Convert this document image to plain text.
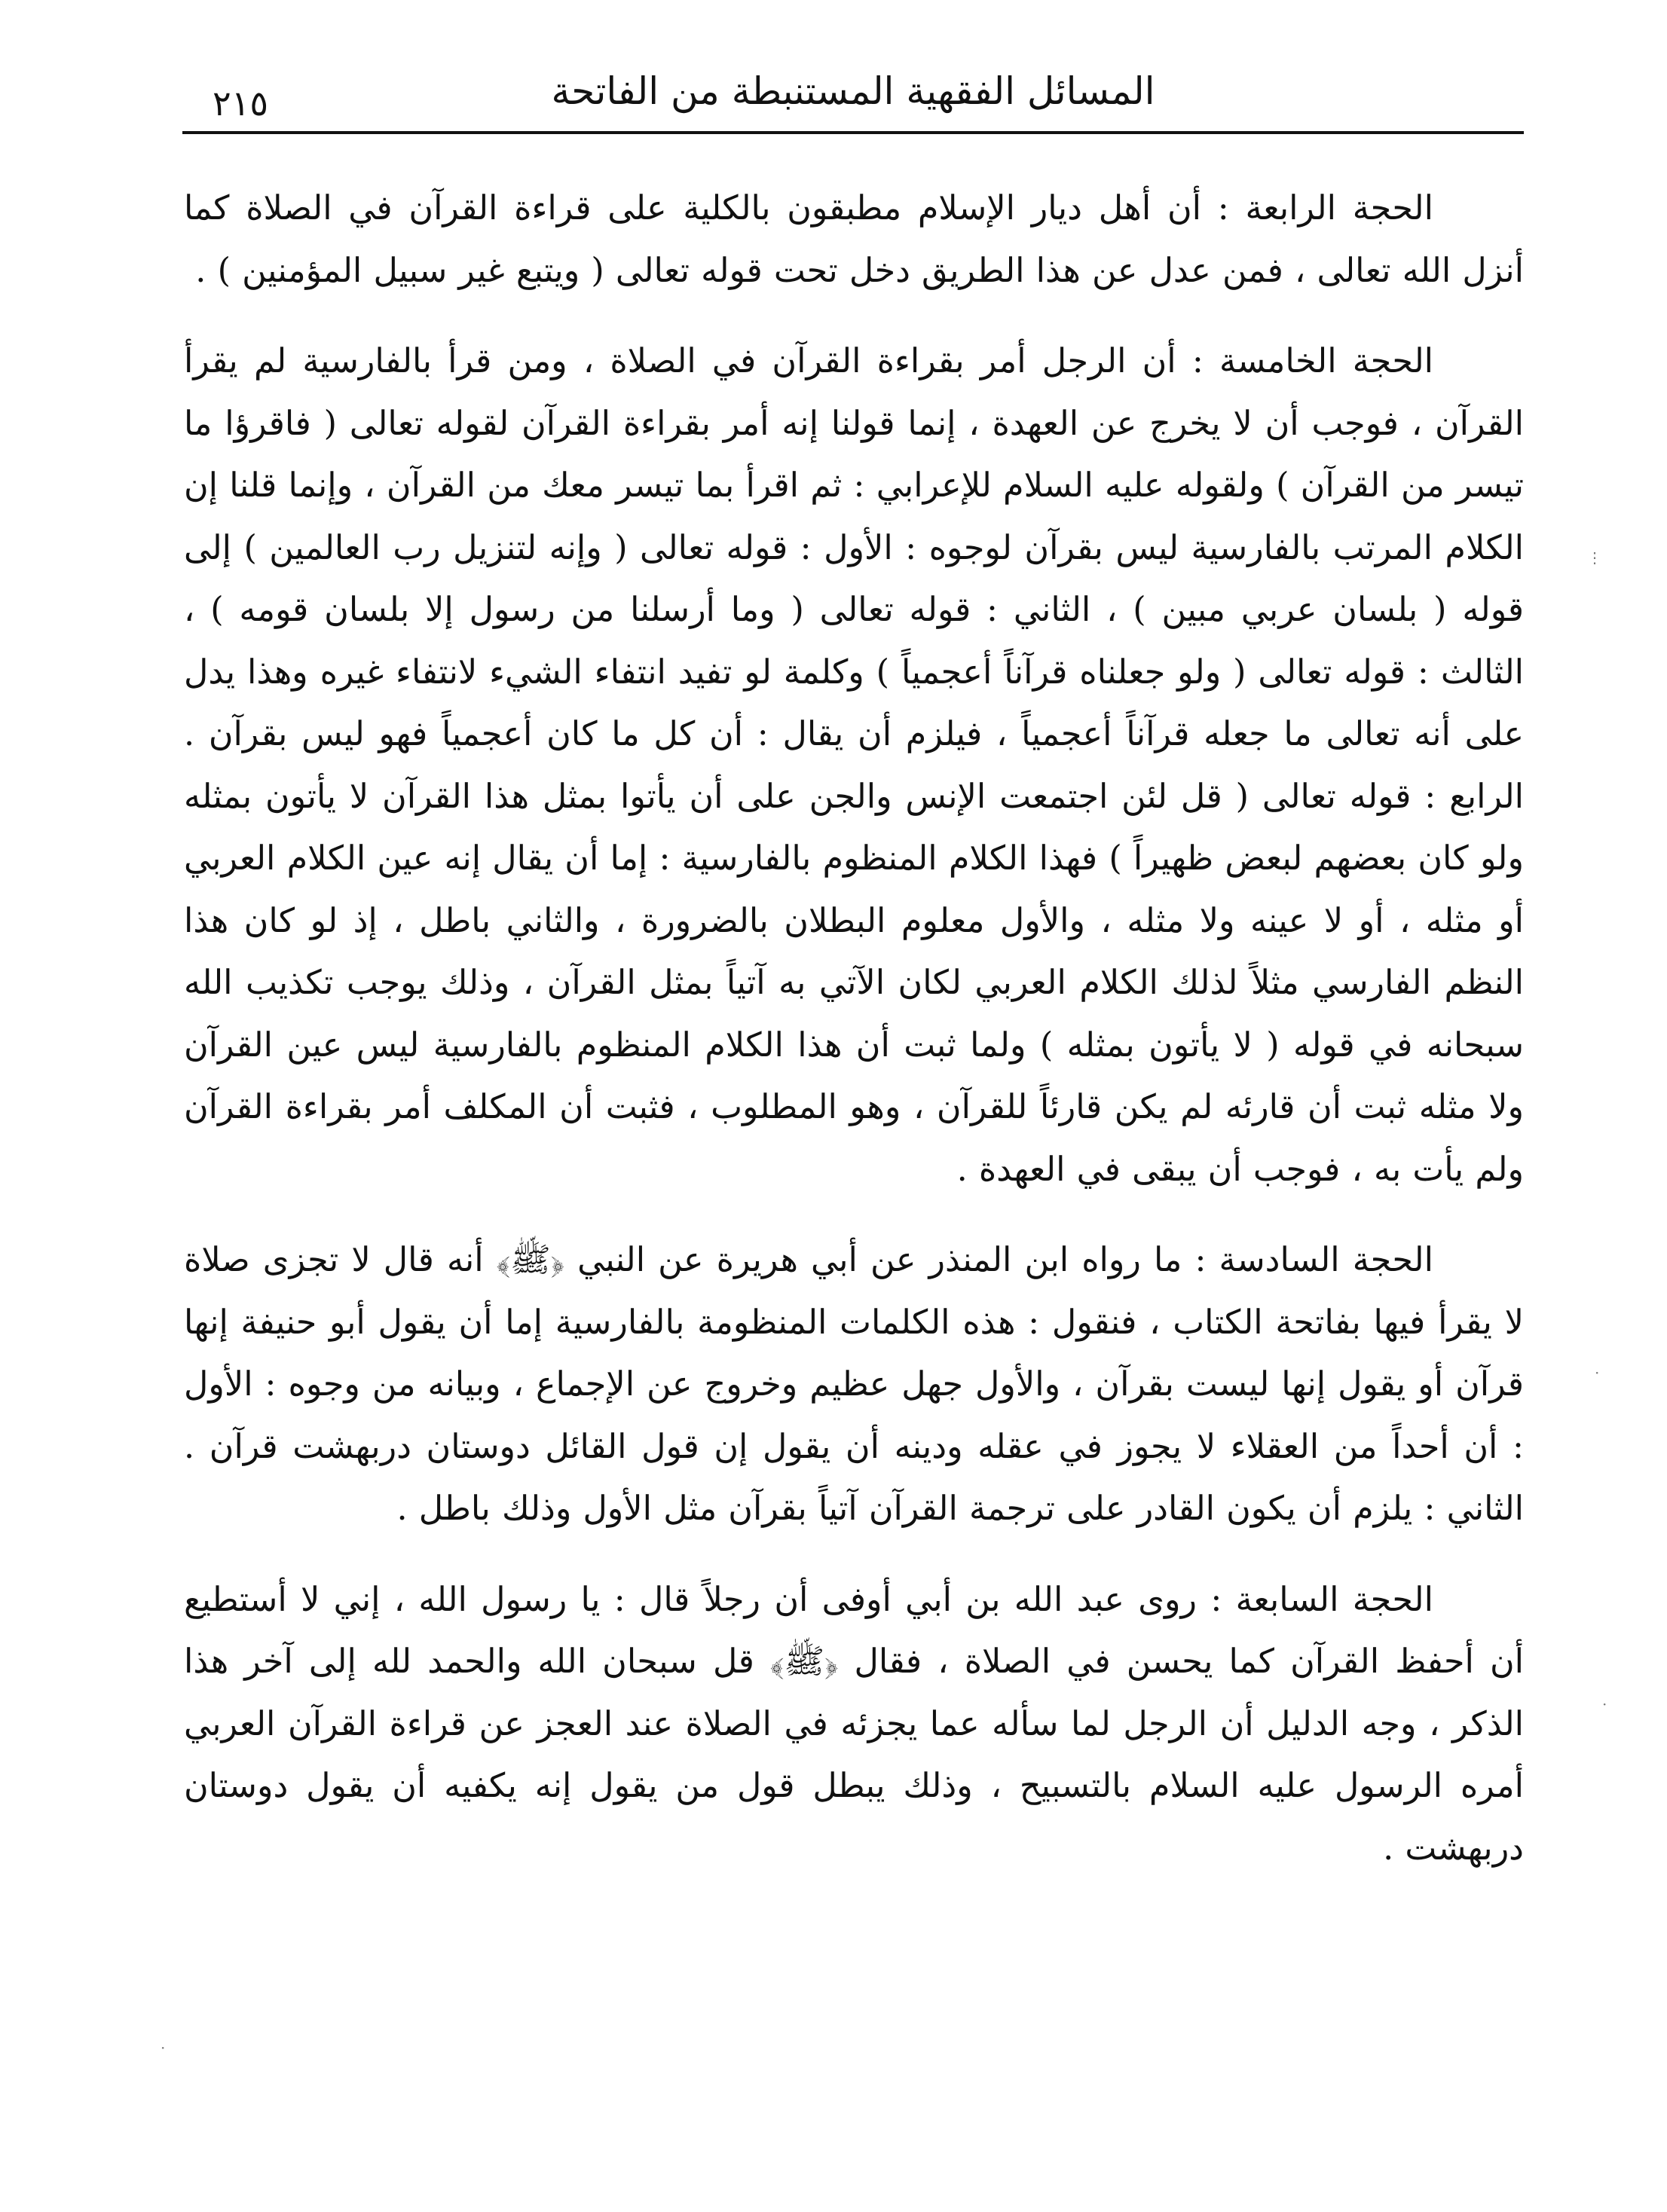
المسائل الفقهية المستنبطة من الفاتحة
٢١٥

الحجة الرابعة : أن أهل ديار الإسلام مطبقون بالكلية على قراءة القرآن في الصلاة كما أنزل الله تعالى ، فمن عدل عن هذا الطريق دخل تحت قوله تعالى ( ويتبع غير سبيل المؤمنين ) .

الحجة الخامسة : أن الرجل أمر بقراءة القرآن في الصلاة ، ومن قرأ بالفارسية لم يقرأ القرآن ، فوجب أن لا يخرج عن العهدة ، إنما قولنا إنه أمر بقراءة القرآن لقوله تعالى ( فاقرؤا ما تيسر من القرآن ) ولقوله عليه السلام للإعرابي : ثم اقرأ بما تيسر معك من القرآن ، وإنما قلنا إن الكلام المرتب بالفارسية ليس بقرآن لوجوه : الأول : قوله تعالى ( وإنه لتنزيل رب العالمين ) إلى قوله ( بلسان عربي مبين ) ، الثاني : قوله تعالى ( وما أرسلنا من رسول إلا بلسان قومه ) ، الثالث : قوله تعالى ( ولو جعلناه قرآناً أعجمياً ) وكلمة لو تفيد انتفاء الشيء لانتفاء غيره وهذا يدل على أنه تعالى ما جعله قرآناً أعجمياً ، فيلزم أن يقال : أن كل ما كان أعجمياً فهو ليس بقرآن . الرابع : قوله تعالى ( قل لئن اجتمعت الإنس والجن على أن يأتوا بمثل هذا القرآن لا يأتون بمثله ولو كان بعضهم لبعض ظهيراً ) فهذا الكلام المنظوم بالفارسية : إما أن يقال إنه عين الكلام العربي أو مثله ، أو لا عينه ولا مثله ، والأول معلوم البطلان بالضرورة ، والثاني باطل ، إذ لو كان هذا النظم الفارسي مثلاً لذلك الكلام العربي لكان الآتي به آتياً بمثل القرآن ، وذلك يوجب تكذيب الله سبحانه في قوله ( لا يأتون بمثله ) ولما ثبت أن هذا الكلام المنظوم بالفارسية ليس عين القرآن ولا مثله ثبت أن قارئه لم يكن قارئاً للقرآن ، وهو المطلوب ، فثبت أن المكلف أمر بقراءة القرآن ولم يأت به ، فوجب أن يبقى في العهدة .

الحجة السادسة : ما رواه ابن المنذر عن أبي هريرة عن النبي ﴿ﷺ﴾ أنه قال لا تجزى صلاة لا يقرأ فيها بفاتحة الكتاب ، فنقول : هذه الكلمات المنظومة بالفارسية إما أن يقول أبو حنيفة إنها قرآن أو يقول إنها ليست بقرآن ، والأول جهل عظيم وخروج عن الإجماع ، وبيانه من وجوه : الأول : أن أحداً من العقلاء لا يجوز في عقله ودينه أن يقول إن قول القائل دوستان دربهشت قرآن . الثاني : يلزم أن يكون القادر على ترجمة القرآن آتياً بقرآن مثل الأول وذلك باطل .

الحجة السابعة : روى عبد الله بن أبي أوفى أن رجلاً قال : يا رسول الله ، إني لا أستطيع أن أحفظ القرآن كما يحسن في الصلاة ، فقال ﴿ﷺ﴾ قل سبحان الله والحمد لله إلى آخر هذا الذكر ، وجه الدليل أن الرجل لما سأله عما يجزئه في الصلاة عند العجز عن قراءة القرآن العربي أمره الرسول عليه السلام بالتسبيح ، وذلك يبطل قول من يقول إنه يكفيه أن يقول دوستان دربهشت .

⋮
·
·
·
